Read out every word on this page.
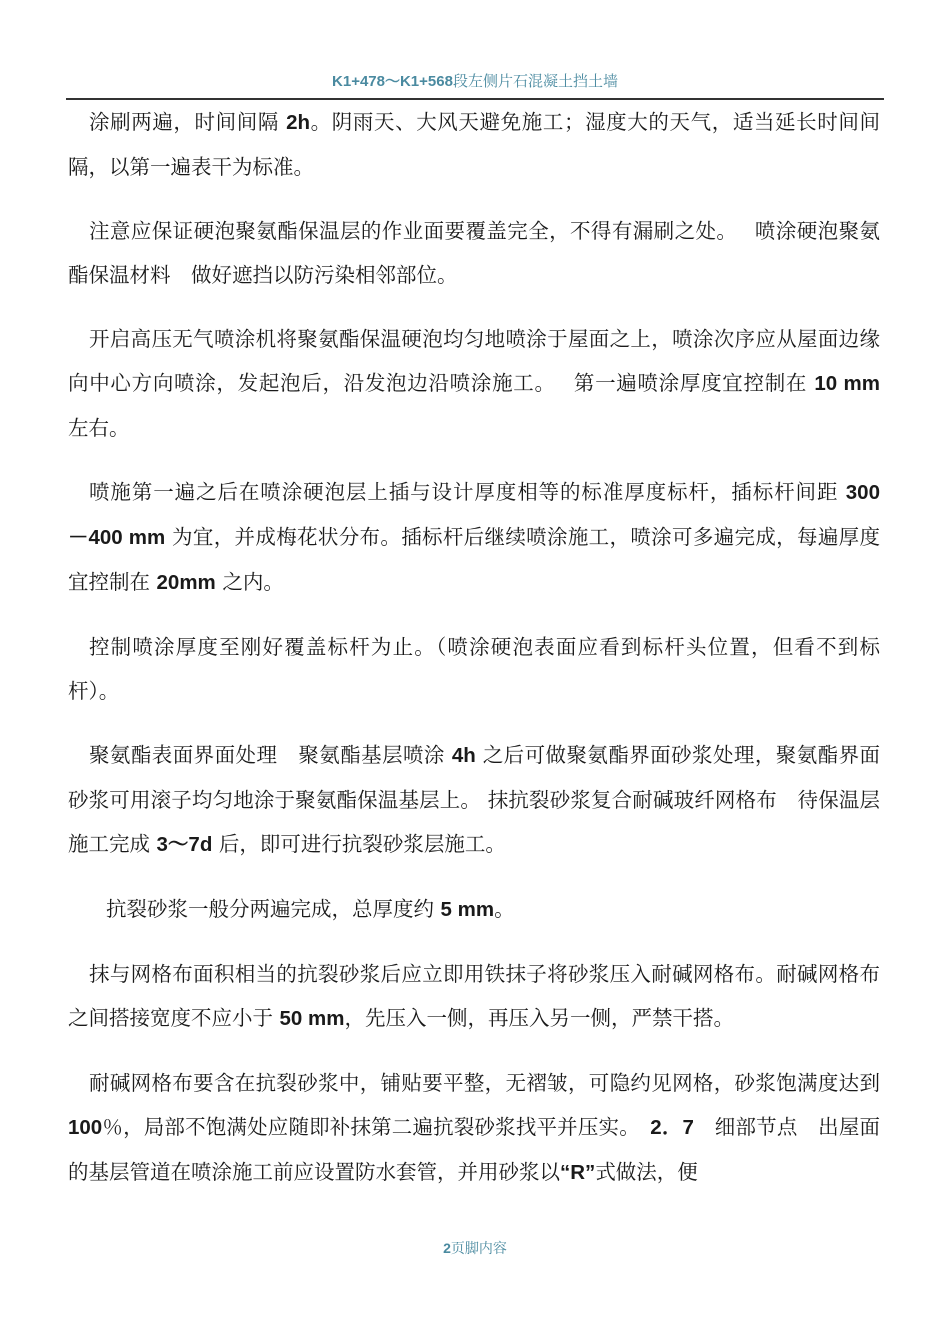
K1+478～K1+568段左侧片石混凝土挡土墙

涂刷两遍，时间间隔 2h。阴雨天、大风天避免施工；湿度大的天气，适当延长时间间隔，以第一遍表干为标准。

注意应保证硬泡聚氨酯保温层的作业面要覆盖完全，不得有漏刷之处。　 喷涂硬泡聚氨酯保温材料　做好遮挡以防污染相邻部位。

开启高压无气喷涂机将聚氨酯保温硬泡均匀地喷涂于屋面之上，喷涂次序应从屋面边缘向中心方向喷涂，发起泡后，沿发泡边沿喷涂施工。　 第一遍喷涂厚度宜控制在 10 mm 左右。

喷施第一遍之后在喷涂硬泡层上插与设计厚度相等的标准厚度标杆，插标杆间距 300　－400 mm 为宜，并成梅花状分布。插标杆后继续喷涂施工，喷涂可多遍完成，每遍厚度宜控制在 20mm 之内。

控制喷涂厚度至刚好覆盖标杆为止。（喷涂硬泡表面应看到标杆头位置，但看不到标杆）。

聚氨酯表面界面处理　聚氨酯基层喷涂 4h 之后可做聚氨酯界面砂浆处理，聚氨酯界面砂浆可用滚子均匀地涂于聚氨酯保温基层上。 抹抗裂砂浆复合耐碱玻纤网格布　待保温层施工完成 3～7d 后，即可进行抗裂砂浆层施工。

抗裂砂浆一般分两遍完成，总厚度约 5 mm。

抹与网格布面积相当的抗裂砂浆后应立即用铁抹子将砂浆压入耐碱网格布。耐碱网格布之间搭接宽度不应小于 50 mm，先压入一侧，再压入另一侧，严禁干搭。

耐碱网格布要含在抗裂砂浆中，铺贴要平整，无褶皱，可隐约见网格，砂浆饱满度达到 100％，局部不饱满处应随即补抹第二遍抗裂砂浆找平并压实。　2．7　细部节点　出屋面的基层管道在喷涂施工前应设置防水套管，并用砂浆以“R”式做法，便

2页脚内容
